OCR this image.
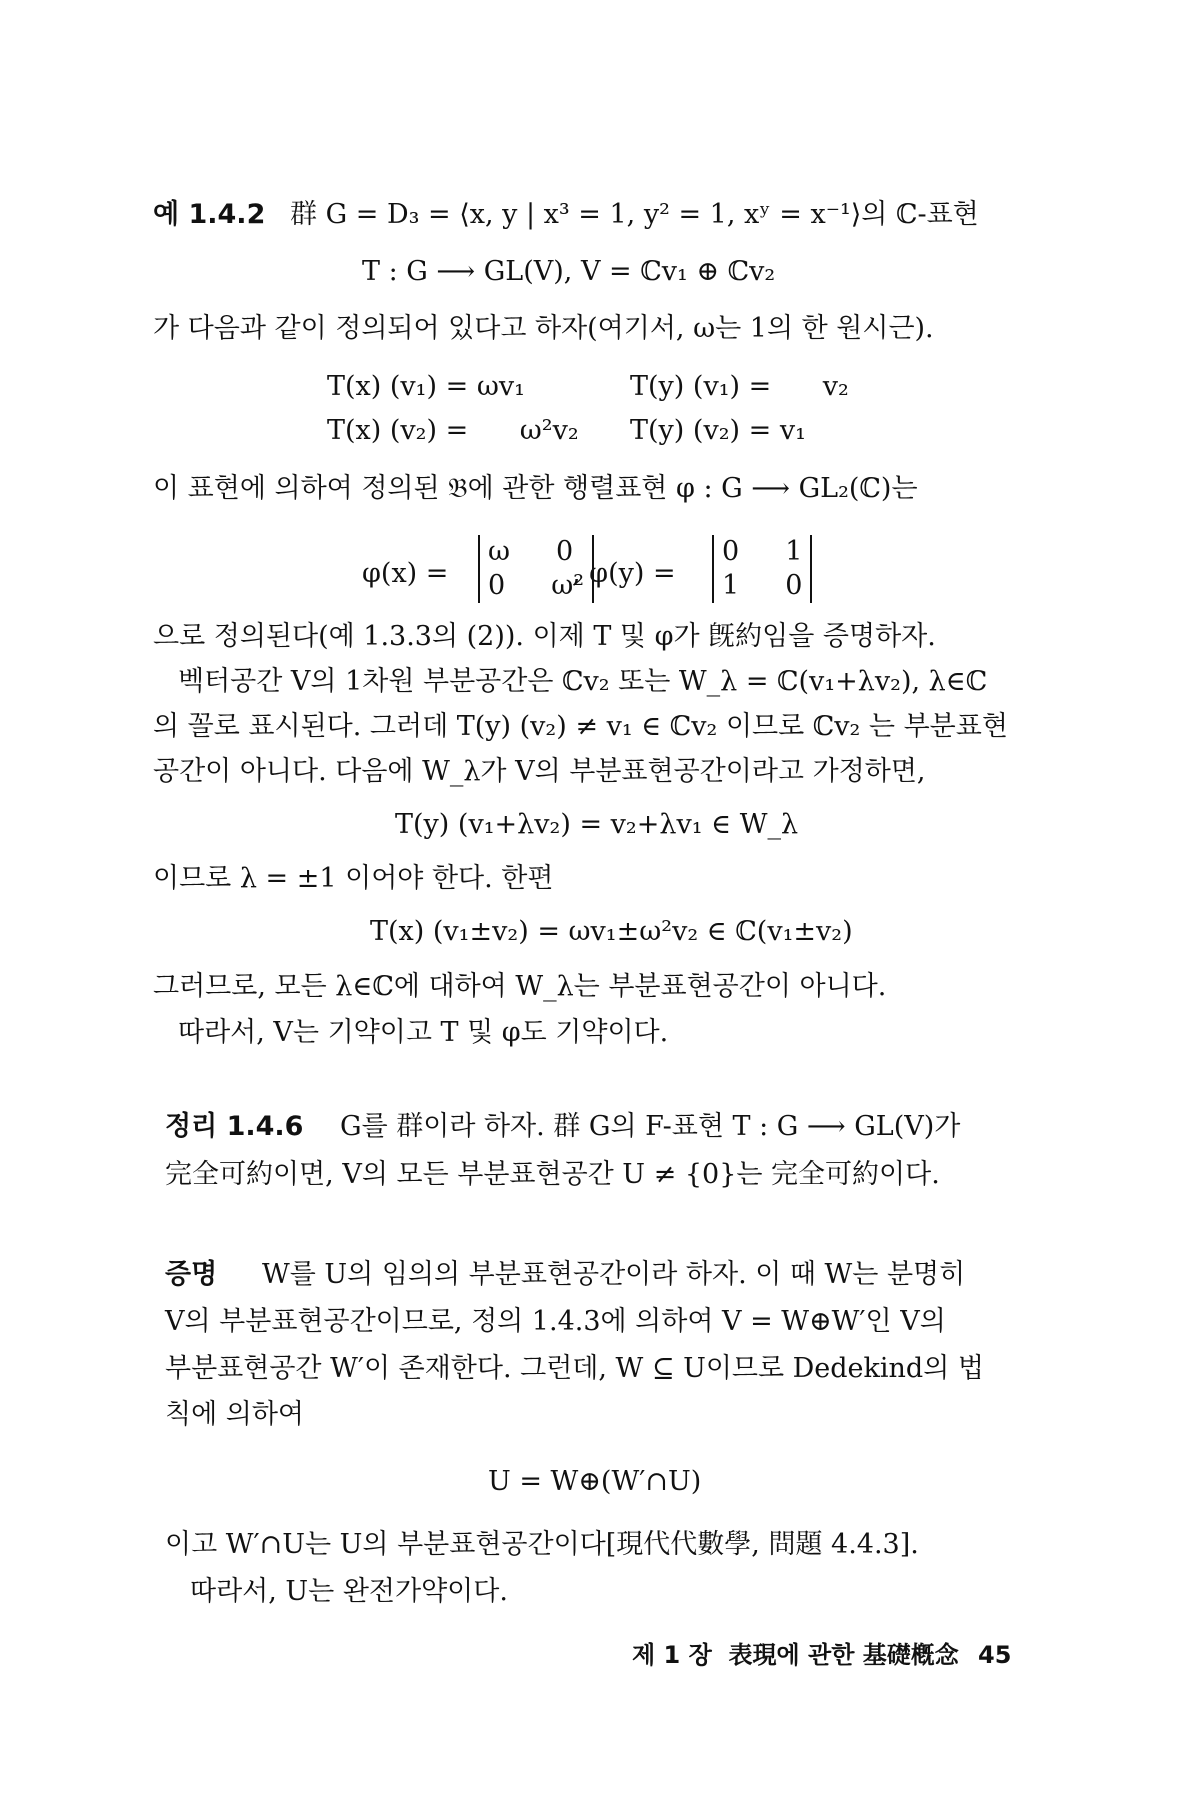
예 1.4.2 群 G = D₃ = ⟨x, y | x³ = 1, y² = 1, xʸ = x⁻¹⟩의 ℂ-표현
T : G ⟶ GL(V), V = ℂv₁ ⊕ ℂv₂
가 다음과 같이 정의되어 있다고 하자(여기서, ω는 1의 한 원시근).
T(x) (v₁) = ωv₁	T(y) (v₁) =      v₂
T(x) (v₂) =      ω²v₂ T(y) (v₂) = v₁
이 표현에 의하여 정의된 𝔅에 관한 행렬표현 φ : G ⟶ GL₂(ℂ)는
φ(x) =
ω 0
0 ω²
, φ(y) =
0 1
1 0
으로 정의된다(예 1.3.3의 (2)). 이제 T 및 φ가 旣約임을 증명하자.
벡터공간 V의 1차원 부분공간은 ℂv₂ 또는 W_λ = ℂ(v₁+λv₂), λ∈ℂ
의 꼴로 표시된다. 그러데 T(y) (v₂) ≠ v₁ ∈ ℂv₂ 이므로 ℂv₂ 는 부분표현
공간이 아니다. 다음에 W_λ가 V의 부분표현공간이라고 가정하면,
T(y) (v₁+λv₂) = v₂+λv₁ ∈ W_λ
이므로 λ = ±1 이어야 한다. 한편
T(x) (v₁±v₂) = ωv₁±ω²v₂ ∈ ℂ(v₁±v₂)
그러므로, 모든 λ∈ℂ에 대하여 W_λ는 부분표현공간이 아니다.
따라서, V는 기약이고 T 및 φ도 기약이다.
정리 1.4.6 G를 群이라 하자. 群 G의 F-표현 T : G ⟶ GL(V)가
完全可約이면, V의 모든 부분표현공간 U ≠ {0}는 完全可約이다.
증명 W를 U의 임의의 부분표현공간이라 하자. 이 때 W는 분명히
V의 부분표현공간이므로, 정의 1.4.3에 의하여 V = W⊕W′인 V의
부분표현공간 W′이 존재한다. 그런데, W ⊆ U이므로 Dedekind의 법
칙에 의하여
U = W⊕(W′∩U)
이고 W′∩U는 U의 부분표현공간이다[現代代數學, 問題 4.4.3].
따라서, U는 완전가약이다.
제 1 장  表現에 관한 基礎槪念 45
